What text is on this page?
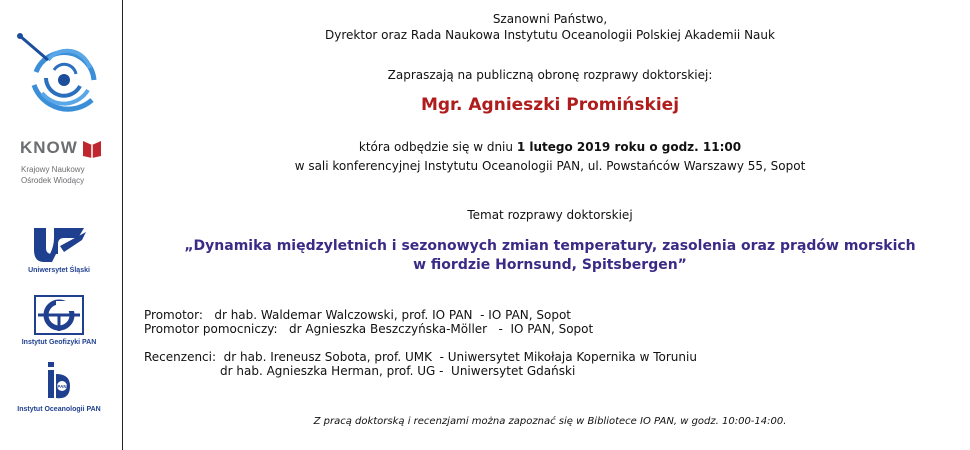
KNOW
Krajowy Naukowy
Ośrodek Wiodący
Uniwersytet Śląski
Instytut Geofizyki PAN
PAN
Instytut Oceanologii PAN
Szanowni Państwo,
Dyrektor oraz Rada Naukowa Instytutu Oceanologii Polskiej Akademii Nauk
Zapraszają na publiczną obronę rozprawy doktorskiej:
Mgr. Agnieszki Promińskiej
która odbędzie się w dniu 1 lutego 2019 roku o godz. 11:00
w sali konferencyjnej Instytutu Oceanologii PAN, ul. Powstańców Warszawy 55, Sopot
Temat rozprawy doktorskiej
„Dynamika międzyletnich i sezonowych zmian temperatury, zasolenia oraz prądów morskich
w fiordzie Hornsund, Spitsbergen”
Promotor:   dr hab. Waldemar Walczowski, prof. IO PAN  - IO PAN, Sopot
Promotor pomocniczy:   dr Agnieszka Beszczyńska-Möller   -  IO PAN, Sopot
Recenzenci:  dr hab. Ireneusz Sobota, prof. UMK  - Uniwersytet Mikołaja Kopernika w Toruniu
dr hab. Agnieszka Herman, prof. UG -  Uniwersytet Gdański
Z pracą doktorską i recenzjami można zapoznać się w Bibliotece IO PAN, w godz. 10:00-14:00.
